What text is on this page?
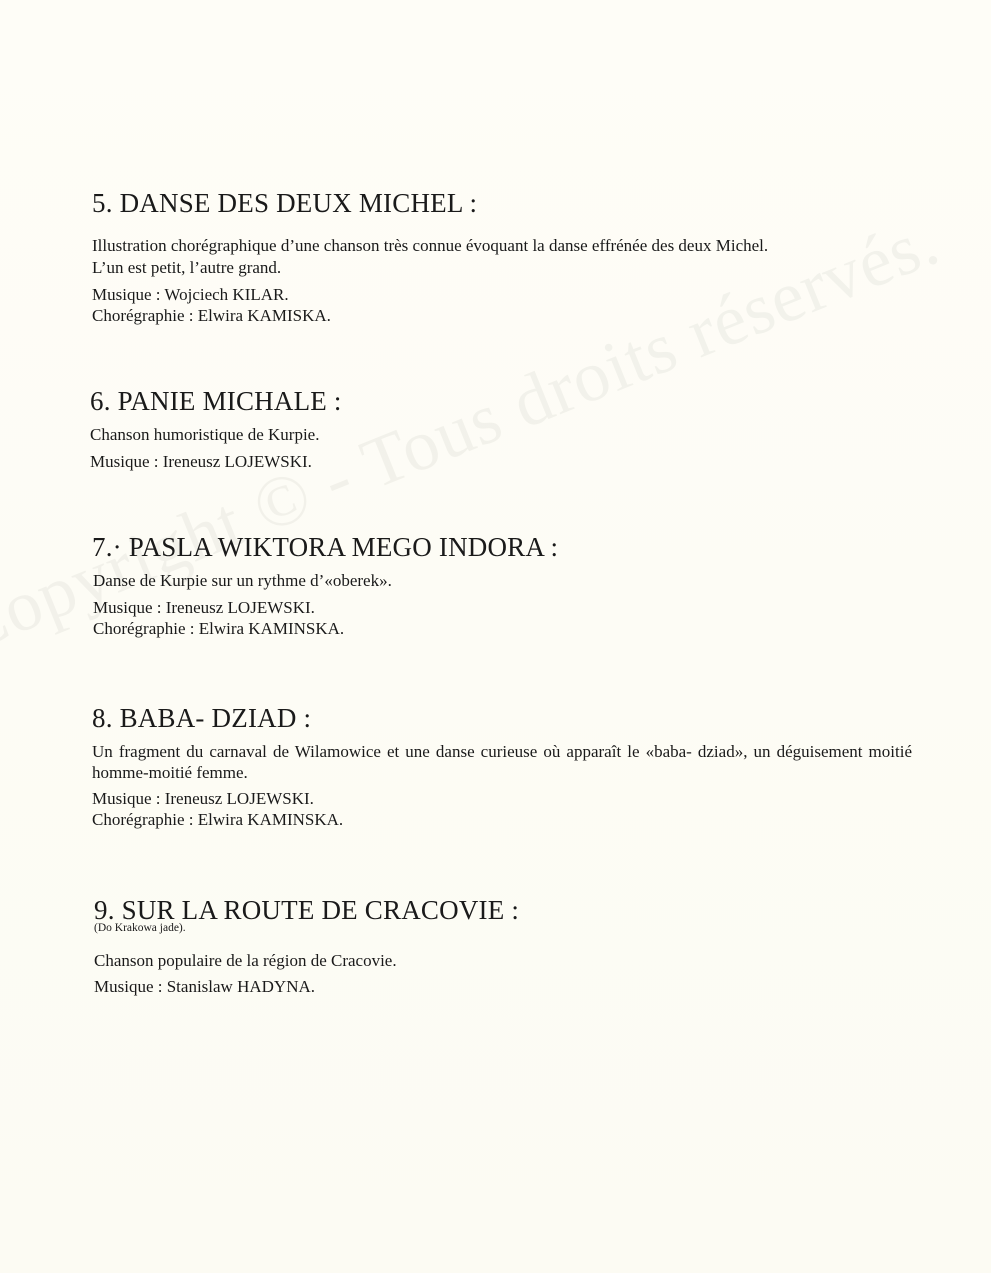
5. DANSE DES DEUX MICHEL :
Illustration chorégraphique d’une chanson très connue évoquant la danse effrénée des deux Michel.
L’un est petit, l’autre grand.
Musique : Wojciech KILAR.
Chorégraphie : Elwira KAMISKA.
6. PANIE MICHALE :
Chanson humoristique de Kurpie.
Musique : Ireneusz LOJEWSKI.
7.· PASLA WIKTORA MEGO INDORA :
Danse de Kurpie sur un rythme d’«oberek».
Musique : Ireneusz LOJEWSKI.
Chorégraphie : Elwira KAMINSKA.
8. BABA- DZIAD :

Un fragment du carnaval de Wilamowice et une danse curieuse où apparaît le «baba- dziad», un déguisement moitié homme-moitié femme.

Musique : Ireneusz LOJEWSKI.
Chorégraphie : Elwira KAMINSKA.
9. SUR LA ROUTE DE CRACOVIE :
(Do Krakowa jade).
Chanson populaire de la région de Cracovie.
Musique : Stanislaw HADYNA.
